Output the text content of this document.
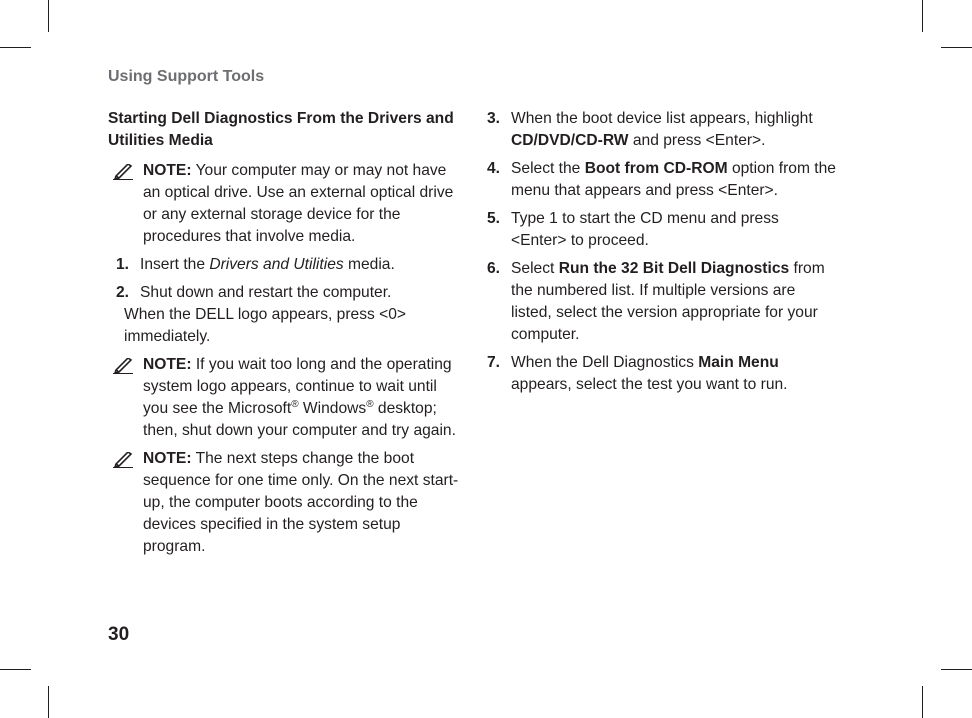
Using Support Tools
Starting Dell Diagnostics From the Drivers and Utilities Media

NOTE: Your computer may or may not have an optical drive. Use an external optical drive or any external storage device for the procedures that involve media.

1. Insert the Drivers and Utilities media.
2. Shut down and restart the computer.
When the DELL logo appears, press <0> immediately.

NOTE: If you wait too long and the operating system logo appears, continue to wait until you see the Microsoft® Windows® desktop; then, shut down your computer and try again.

NOTE: The next steps change the boot sequence for one time only. On the next start-up, the computer boots according to the devices specified in the system setup program.

3. When the boot device list appears, highlight CD/DVD/CD-RW and press <Enter>.
4. Select the Boot from CD-ROM option from the menu that appears and press <Enter>.
5. Type 1 to start the CD menu and press <Enter> to proceed.
6. Select Run the 32 Bit Dell Diagnostics from the numbered list. If multiple versions are listed, select the version appropriate for your computer.
7. When the Dell Diagnostics Main Menu appears, select the test you want to run.
30
